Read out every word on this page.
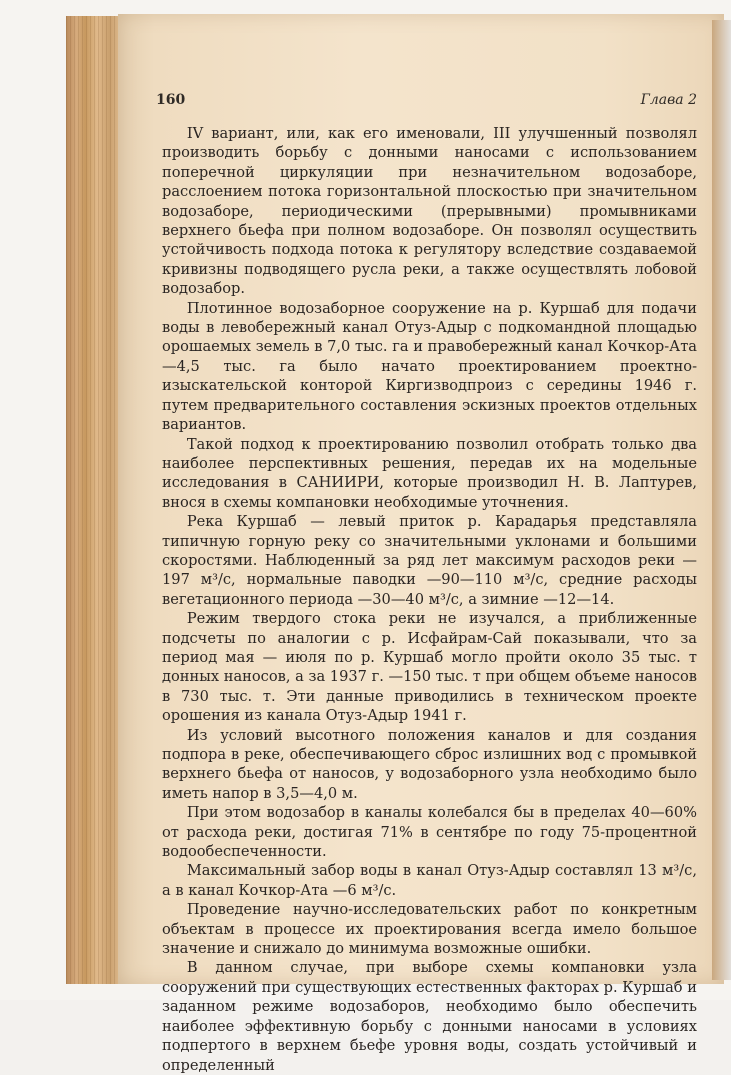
160	Глава 2

IV вариант, или, как его именовали, III улучшенный позволял производить борьбу с донными наносами с использованием поперечной циркуляции при незначительном водозаборе, расслоением потока горизонтальной плоскостью при значительном водозаборе, периодическими (прерывными) промывниками верхнего бьефа при полном водозаборе. Он позволял осуществить устойчивость подхода потока к регулятору вследствие создаваемой кривизны подводящего русла реки, а также осуществлять лобовой водозабор.

Плотинное водозаборное сооружение на р. Куршаб для подачи воды в левобережный канал Отуз-Адыр с подкомандной площадью орошаемых земель в 7,0 тыс. га и правобережный канал Кочкор-Ата —4,5 тыс. га было начато проектированием проектно-изыскательской конторой Киргизводпроиз с середины 1946 г. путем предварительного составления эскизных проектов отдельных вариантов.

Такой подход к проектированию позволил отобрать только два наиболее перспективных решения, передав их на модельные исследования в САНИИРИ, которые производил Н. В. Лаптурев, внося в схемы компановки необходимые уточнения.

Река Куршаб — левый приток р. Карадарья представляла типичную горную реку со значительными уклонами и большими скоростями. Наблюденный за ряд лет максимум расходов реки — 197 м³/с, нормальные паводки —90—110 м³/с, средние расходы вегетационного периода —30—40 м³/с, а зимние —12—14.

Режим твердого стока реки не изучался, а приближенные подсчеты по аналогии с р. Исфайрам-Сай показывали, что за период мая — июля по р. Куршаб могло пройти около 35 тыс. т донных наносов, а за 1937 г. —150 тыс. т при общем объеме наносов в 730 тыс. т. Эти данные приводились в техническом проекте орошения из канала Отуз-Адыр 1941 г.

Из условий высотного положения каналов и для создания подпора в реке, обеспечивающего сброс излишних вод с промывкой верхнего бьефа от наносов, у водозаборного узла необходимо было иметь напор в 3,5—4,0 м.

При этом водозабор в каналы колебался бы в пределах 40—60% от расхода реки, достигая 71% в сентябре по году 75-процентной водообеспеченности.

Максимальный забор воды в канал Отуз-Адыр составлял 13 м³/с, а в канал Кочкор-Ата —6 м³/с.

Проведение научно-исследовательских работ по конкретным объектам в процессе их проектирования всегда имело большое значение и снижало до минимума возможные ошибки.

В данном случае, при выборе схемы компановки узла сооружений при существующих естественных факторах р. Куршаб и заданном режиме водозаборов, необходимо было обеспечить наиболее эффективную борьбу с донными наносами в условиях подпертого в верхнем бьефе уровня воды, создать устойчивый и определенный
